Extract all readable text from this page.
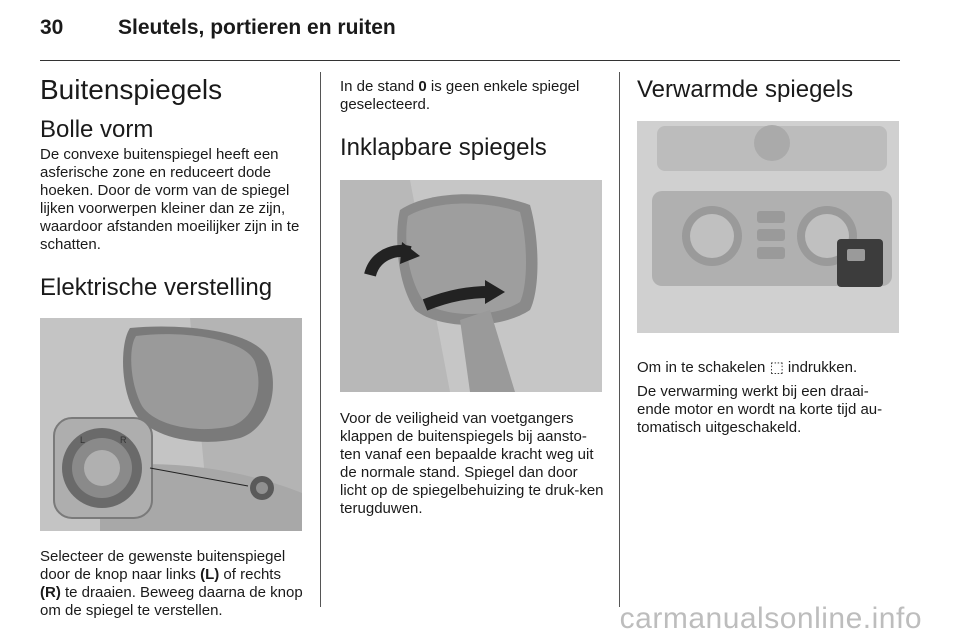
30	Sleutels, portieren en ruiten
Buitenspiegels
Bolle vorm

De convexe buitenspiegel heeft een asferische zone en reduceert dode hoeken. Door de vorm van de spiegel lijken voorwerpen kleiner dan ze zijn, waardoor afstanden moeilijker zijn in te schatten.

Elektrische verstelling
L	R

Selecteer de gewenste buitenspiegel door de knop naar links (L) of rechts (R) te draaien. Beweeg daarna de knop om de spiegel te verstellen.

In de stand 0 is geen enkele spiegel geselecteerd.

Inklapbare spiegels

Voor de veiligheid van voetgangers klappen de buitenspiegels bij aansto-ten vanaf een bepaalde kracht weg uit de normale stand. Spiegel dan door licht op de spiegelbehuizing te druk-ken terugduwen.

Verwarmde spiegels

Om in te schakelen ⬚ indrukken.

De verwarming werkt bij een draai-ende motor en wordt na korte tijd au-tomatisch uitgeschakeld.

carmanualsonline.info
